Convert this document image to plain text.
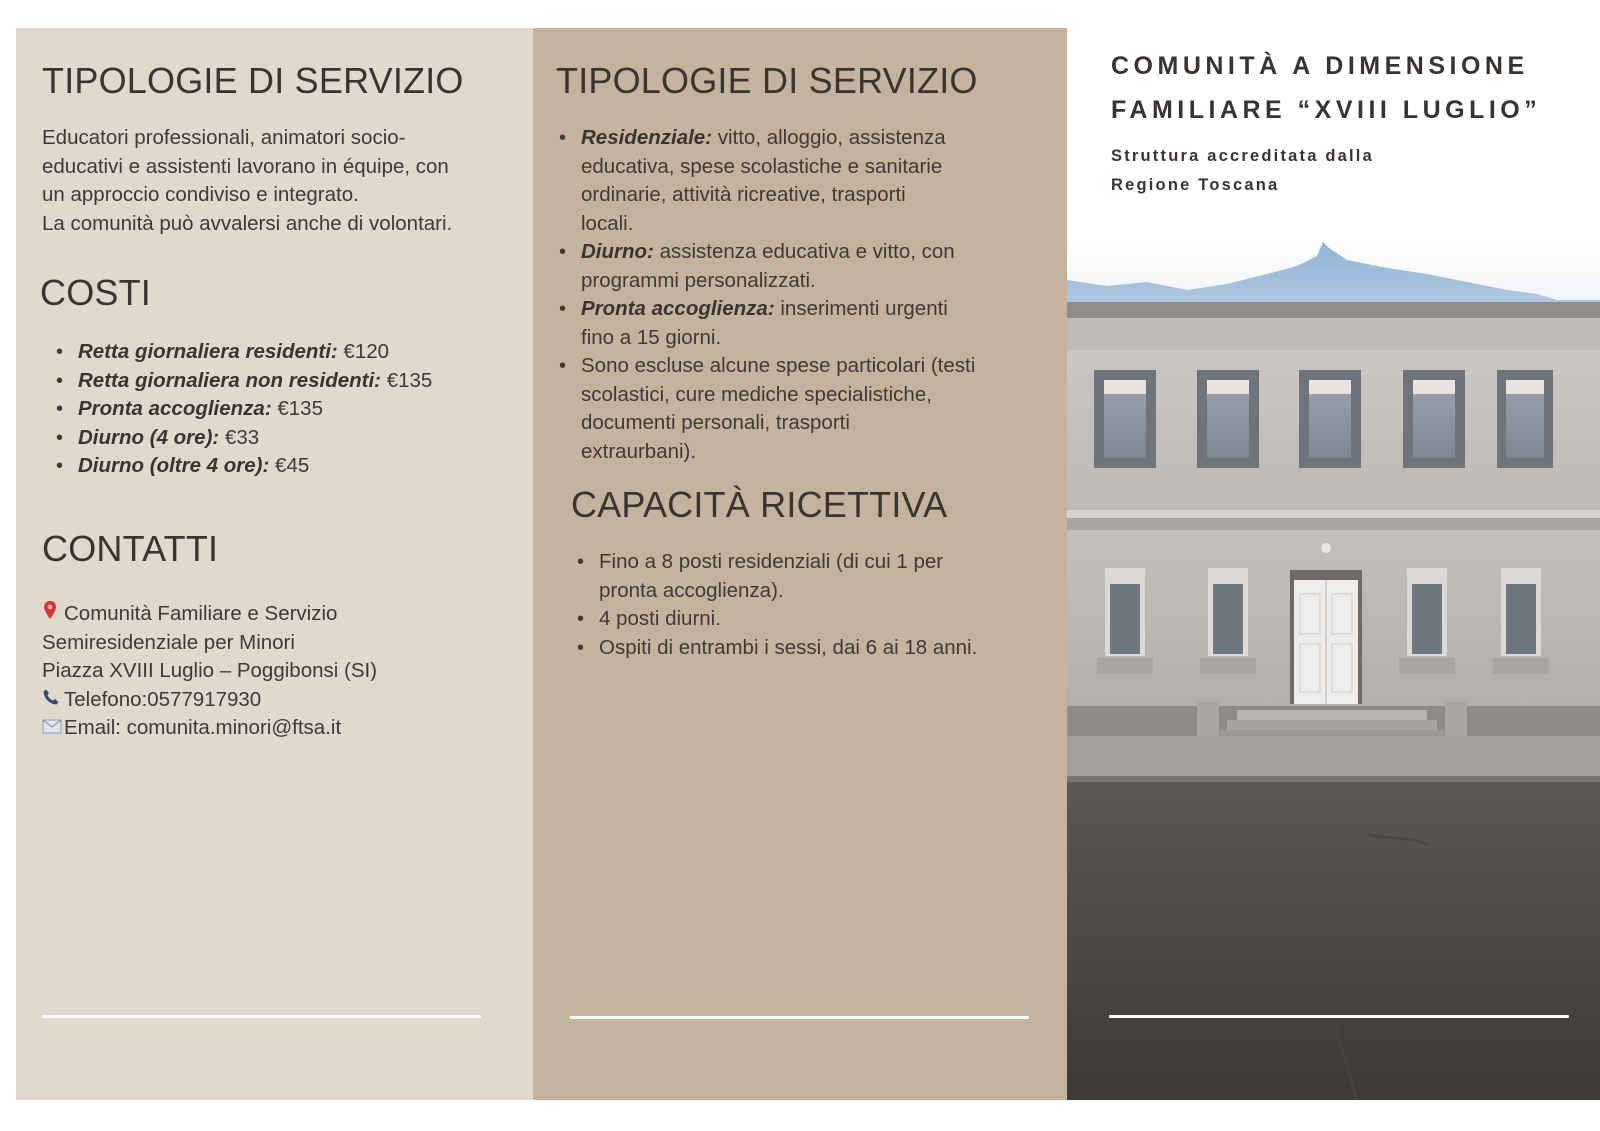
TIPOLOGIE DI SERVIZIO

Educatori professionali, animatori socio-

educativi e assistenti lavorano in équipe, con

un approccio condiviso e integrato.

La comunità può avvalersi anche di volontari.

COSTI
• Retta giornaliera residenti: €120
• Retta giornaliera non residenti: €135
• Pronta accoglienza: €135
• Diurno (4 ore): €33
• Diurno (oltre 4 ore): €45
CONTATTI

Comunità Familiare e Servizio

Semiresidenziale per Minori

Piazza XVIII Luglio – Poggibonsi (SI)

Telefono:0577917930

Email: comunita.minori@ftsa.it

TIPOLOGIE DI SERVIZIO
• Residenziale: vitto, alloggio, assistenza
educativa, spese scolastiche e sanitarie
ordinarie, attività ricreative, trasporti
locali.
• Diurno: assistenza educativa e vitto, con
programmi personalizzati.
• Pronta accoglienza: inserimenti urgenti
fino a 15 giorni.
• Sono escluse alcune spese particolari (testi
scolastici, cure mediche specialistiche,
documenti personali, trasporti
extraurbani).
CAPACITÀ RICETTIVA
• Fino a 8 posti residenziali (di cui 1 per
pronta accoglienza).
• 4 posti diurni.
• Ospiti di entrambi i sessi, dai 6 ai 18 anni.
COMUNITÀ A DIMENSIONE
FAMILIARE “XVIII LUGLIO”
Struttura accreditata dalla
Regione Toscana
